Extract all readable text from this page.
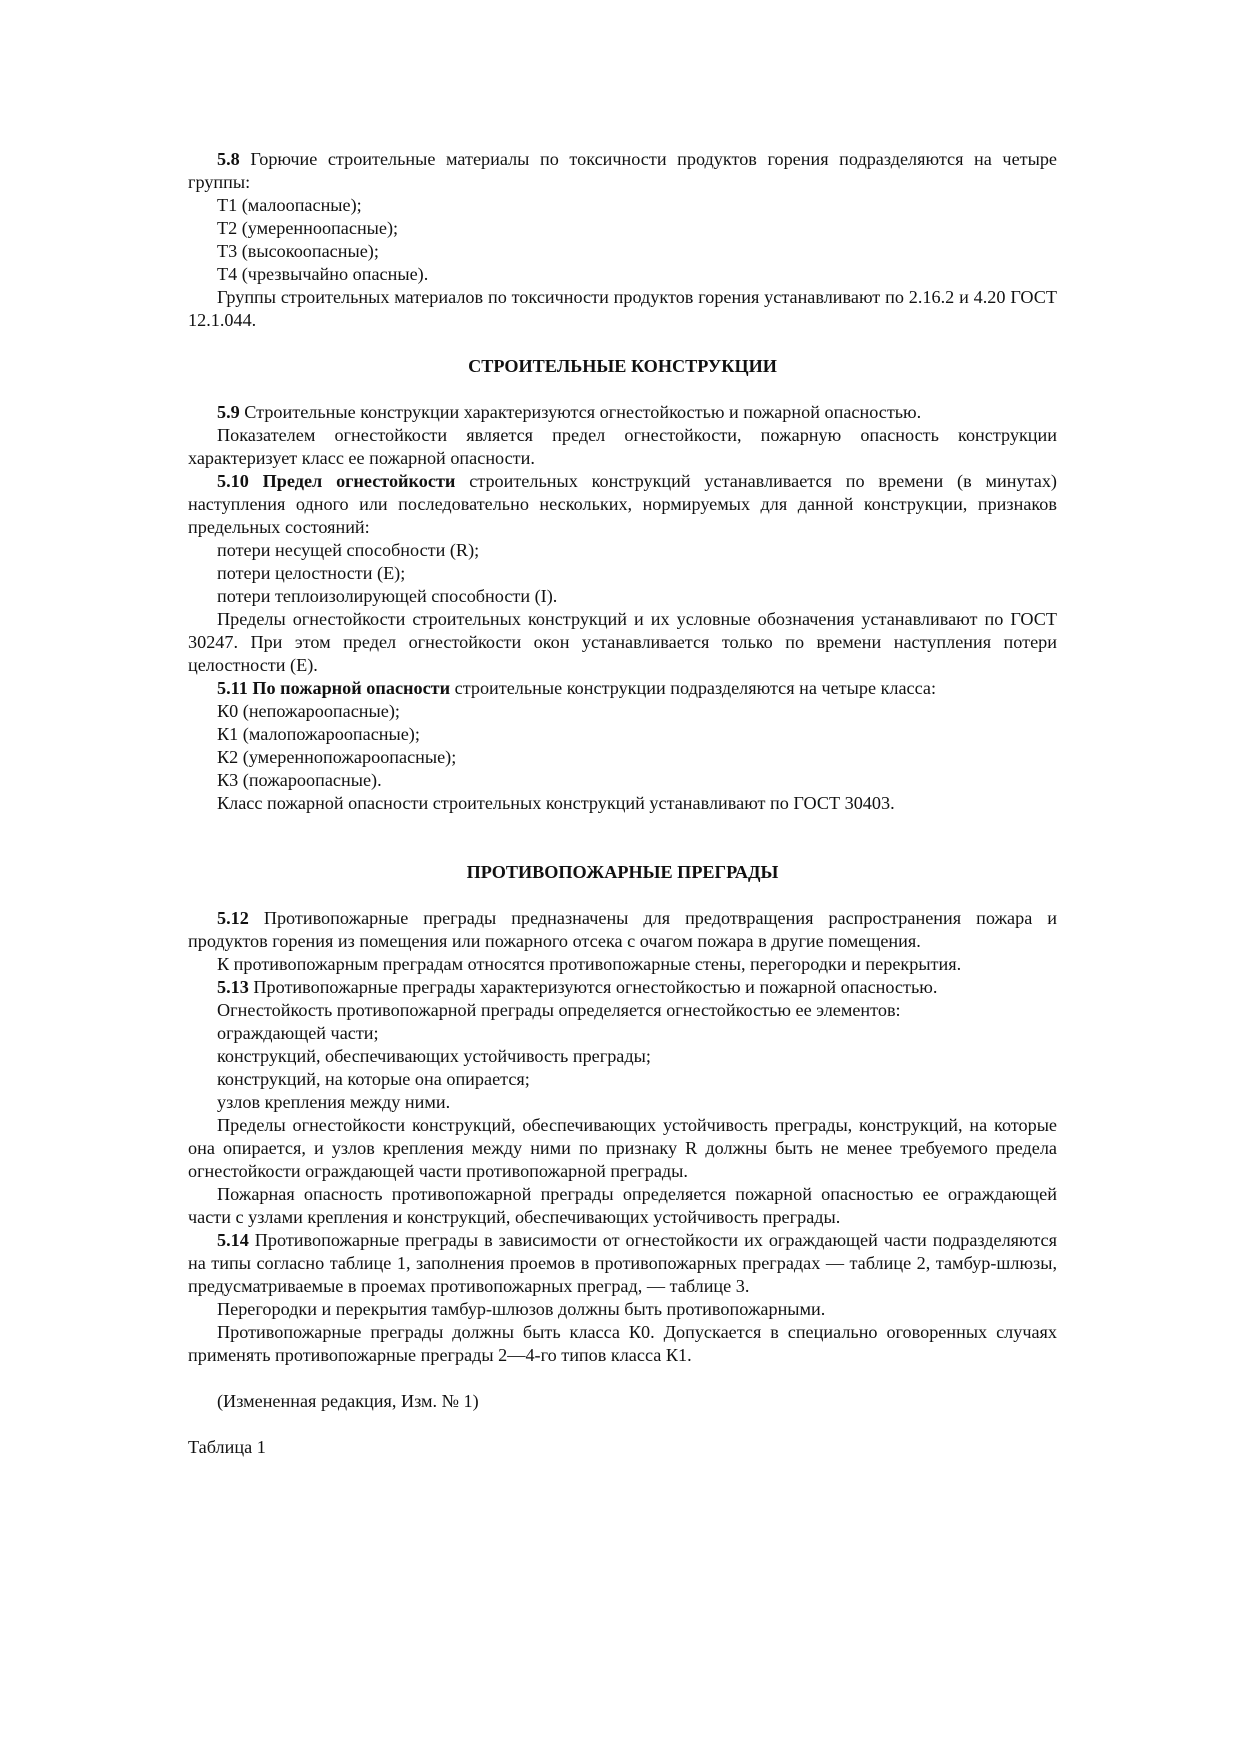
5.8 Горючие строительные материалы по токсичности продуктов горения подразделяются на четыре группы:

Т1 (малоопасные);

Т2 (умеренноопасные);

Т3 (высокоопасные);

Т4 (чрезвычайно опасные).

Группы строительных материалов по токсичности продуктов горения устанавливают по 2.16.2 и 4.20 ГОСТ 12.1.044.

СТРОИТЕЛЬНЫЕ КОНСТРУКЦИИ

5.9 Строительные конструкции характеризуются огнестойкостью и пожарной опасностью.

Показателем огнестойкости является предел огнестойкости, пожарную опасность конструкции характеризует класс ее пожарной опасности.

5.10 Предел огнестойкости строительных конструкций устанавливается по времени (в минутах) наступления одного или последовательно нескольких, нормируемых для данной конструкции, признаков предельных состояний:

потери несущей способности (R);

потери целостности (E);

потери теплоизолирующей способности (I).

Пределы огнестойкости строительных конструкций и их условные обозначения устанавливают по ГОСТ 30247. При этом предел огнестойкости окон устанавливается только по времени наступления потери целостности (Е).

5.11 По пожарной опасности строительные конструкции подразделяются на четыре класса:

К0 (непожароопасные);

К1 (малопожароопасные);

К2 (умереннопожароопасные);

К3 (пожароопасные).

Класс пожарной опасности строительных конструкций устанавливают по ГОСТ 30403.

ПРОТИВОПОЖАРНЫЕ ПРЕГРАДЫ

5.12 Противопожарные преграды предназначены для предотвращения распространения пожара и продуктов горения из помещения или пожарного отсека с очагом пожара в другие помещения.

К противопожарным преградам относятся противопожарные стены, перегородки и перекрытия.

5.13 Противопожарные преграды характеризуются огнестойкостью и пожарной опасностью.

Огнестойкость противопожарной преграды определяется огнестойкостью ее элементов:

ограждающей части;

конструкций, обеспечивающих устойчивость преграды;

конструкций, на которые она опирается;

узлов крепления между ними.

Пределы огнестойкости конструкций, обеспечивающих устойчивость преграды, конструкций, на которые она опирается, и узлов крепления между ними по признаку R должны быть не менее требуемого предела огнестойкости ограждающей части противопожарной преграды.

Пожарная опасность противопожарной преграды определяется пожарной опасностью ее ограждающей части с узлами крепления и конструкций, обеспечивающих устойчивость преграды.

5.14 Противопожарные преграды в зависимости от огнестойкости их ограждающей части подразделяются на типы согласно таблице 1, заполнения проемов в противопожарных преградах — таблице 2, тамбур-шлюзы, предусматриваемые в проемах противопожарных преград, — таблице 3.

Перегородки и перекрытия тамбур-шлюзов должны быть противопожарными.

Противопожарные преграды должны быть класса К0. Допускается в специально оговоренных случаях применять противопожарные преграды 2—4-го типов класса К1.

(Измененная редакция, Изм. № 1)

Таблица 1
